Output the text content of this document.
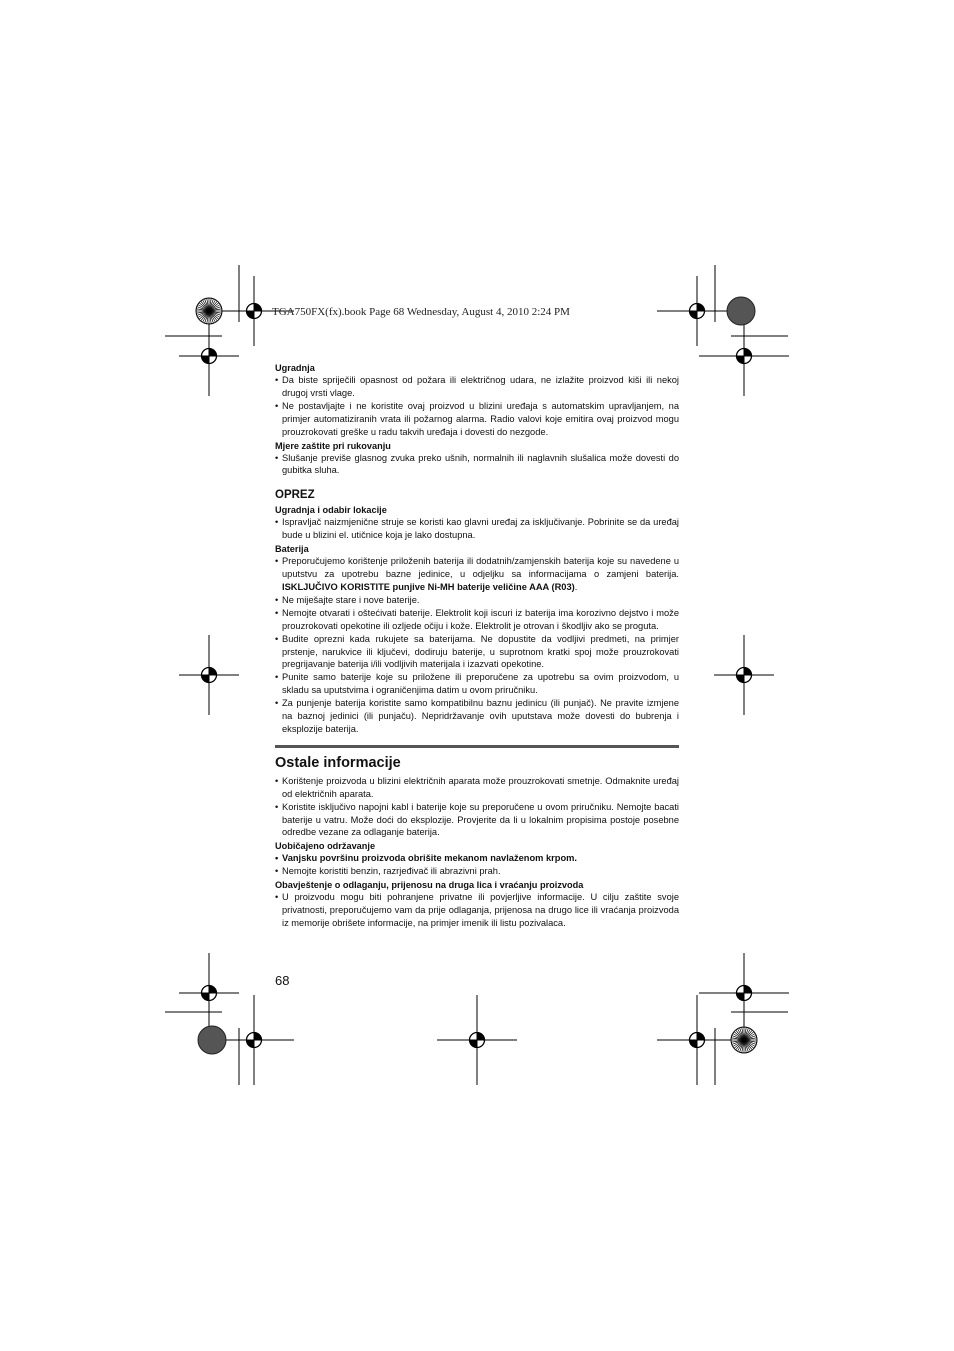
TGA750FX(fx).book Page 68 Wednesday, August 4, 2010 2:24 PM

Ugradnja

• Da biste spriječili opasnost od požara ili električnog udara, ne izlažite proizvod kiši ili nekoj drugoj vrsti vlage.
• Ne postavljajte i ne koristite ovaj proizvod u blizini uređaja s automatskim upravljanjem, na primjer automatiziranih vrata ili požarnog alarma. Radio valovi koje emitira ovaj proizvod mogu prouzrokovati greške u radu takvih uređaja i dovesti do nezgode.

Mjere zaštite pri rukovanju

• Slušanje previše glasnog zvuka preko ušnih, normalnih ili naglavnih slušalica može dovesti do gubitka sluha.

OPREZ

Ugradnja i odabir lokacije

• Ispravljač naizmjenične struje se koristi kao glavni uređaj za isključivanje. Pobrinite se da uređaj bude u blizini el. utičnice koja je lako dostupna.

Baterija

• Preporučujemo korištenje priloženih baterija ili dodatnih/zamjenskih baterija koje su navedene u uputstvu za upotrebu bazne jedinice, u odjeljku sa informacijama o zamjeni baterija. ISKLJUČIVO KORISTITE punjive Ni-MH baterije veličine AAA (R03).
• Ne miješajte stare i nove baterije.
• Nemojte otvarati i oštećivati baterije. Elektrolit koji iscuri iz baterija ima korozivno dejstvo i može prouzrokovati opekotine ili ozljede očiju i kože. Elektrolit je otrovan i škodljiv ako se proguta.
• Budite oprezni kada rukujete sa baterijama. Ne dopustite da vodljivi predmeti, na primjer prstenje, narukvice ili ključevi, dodiruju baterije, u suprotnom kratki spoj može prouzrokovati pregrijavanje baterija i/ili vodljivih materijala i izazvati opekotine.
• Punite samo baterije koje su priložene ili preporučene za upotrebu sa ovim proizvodom, u skladu sa uputstvima i ograničenjima datim u ovom priručniku.
• Za punjenje baterija koristite samo kompatibilnu baznu jedinicu (ili punjač). Ne pravite izmjene na baznoj jedinici (ili punjaču). Nepridržavanje ovih uputstava može dovesti do bubrenja i eksplozije baterija.

Ostale informacije

• Korištenje proizvoda u blizini električnih aparata može prouzrokovati smetnje. Odmaknite uređaj od električnih aparata.
• Koristite isključivo napojni kabl i baterije koje su preporučene u ovom priručniku. Nemojte bacati baterije u vatru. Može doći do eksplozije. Provjerite da li u lokalnim propisima postoje posebne odredbe vezane za odlaganje baterija.

Uobičajeno održavanje

• Vanjsku površinu proizvoda obrišite mekanom navlaženom krpom.
• Nemojte koristiti benzin, razrjeđivač ili abrazivni prah.

Obavještenje o odlaganju, prijenosu na druga lica i vraćanju proizvoda

• U proizvodu mogu biti pohranjene privatne ili povjerljive informacije. U cilju zaštite svoje privatnosti, preporučujemo vam da prije odlaganja, prijenosa na drugo lice ili vraćanja proizvoda iz memorije obrišete informacije, na primjer imenik ili listu pozivalaca.
68
